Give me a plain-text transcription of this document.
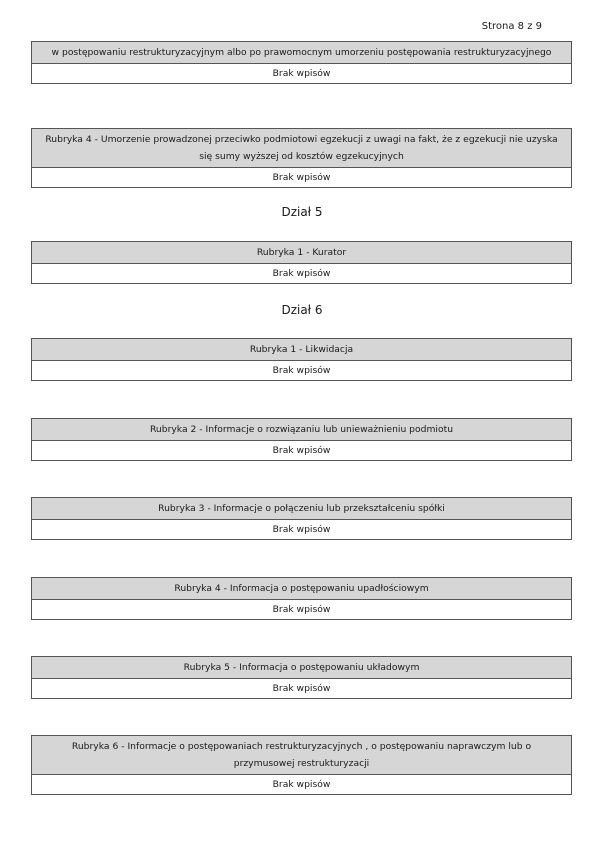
Strona 8 z 9
w postępowaniu restrukturyzacyjnym albo po prawomocnym umorzeniu postępowania restrukturyzacyjnego
Brak wpisów
Rubryka 4 - Umorzenie prowadzonej przeciwko podmiotowi egzekucji z uwagi na fakt, że z egzekucji nie uzyska się sumy wyższej od kosztów egzekucyjnych
Brak wpisów
Dział 5
Rubryka 1 - Kurator
Brak wpisów
Dział 6
Rubryka 1 - Likwidacja
Brak wpisów
Rubryka 2 - Informacje o rozwiązaniu lub unieważnieniu podmiotu
Brak wpisów
Rubryka 3 - Informacje o połączeniu lub przekształceniu spółki
Brak wpisów
Rubryka 4 - Informacja o postępowaniu upadłościowym
Brak wpisów
Rubryka 5 - Informacja o postępowaniu układowym
Brak wpisów
Rubryka 6 - Informacje o postępowaniach restrukturyzacyjnych , o postępowaniu naprawczym lub o przymusowej restrukturyzacji
Brak wpisów
